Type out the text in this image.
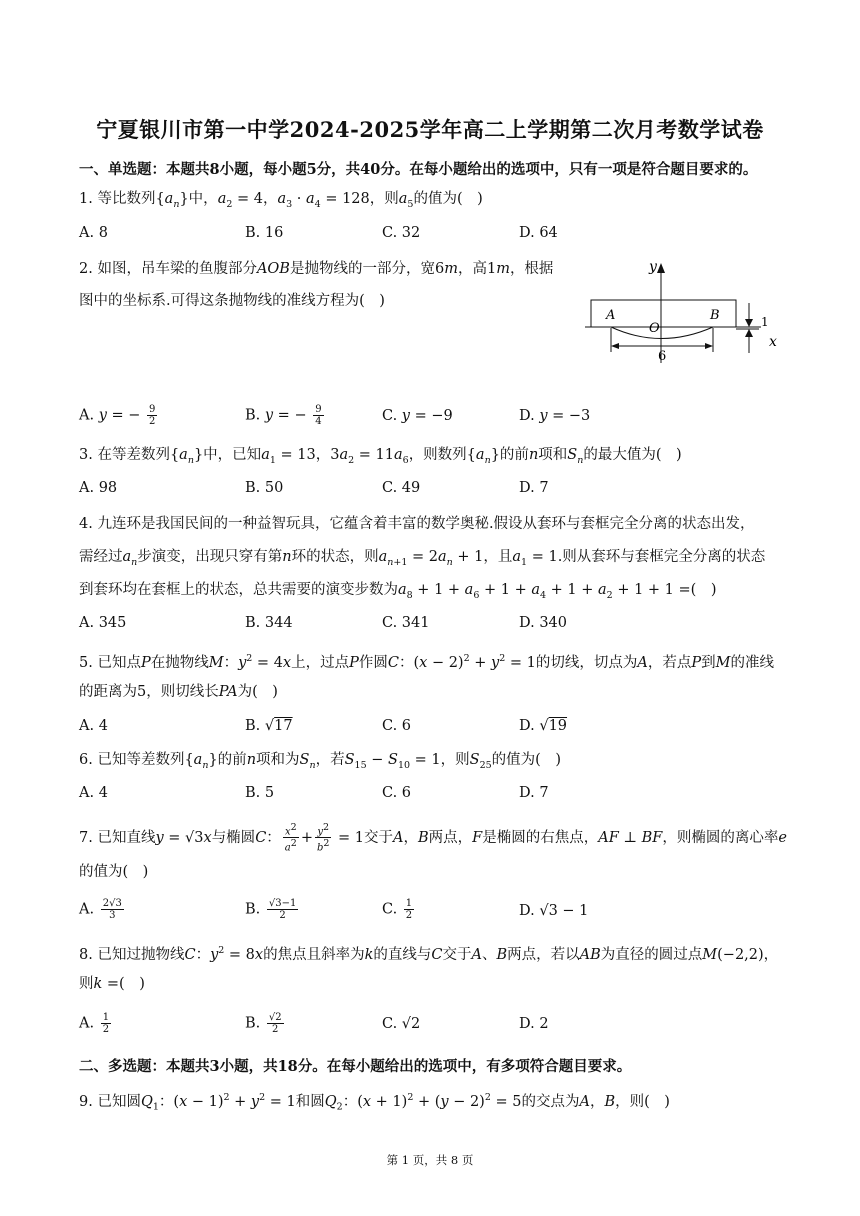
宁夏银川市第一中学2024-2025学年高二上学期第二次月考数学试卷
一、单选题：本题共8小题，每小题5分，共40分。在每小题给出的选项中，只有一项是符合题目要求的。
1. 等比数列$\{a_n\}$中，$a_2 = 4$，$a_3 \cdot a_4 = 128$，则$a_5$的值为(　)
A. 8	B. 16	C. 32	D. 64
2. 如图，吊车梁的鱼腹部分AOB是抛物线的一部分，宽6m，高1m，根据
图中的坐标系.可得这条抛物线的准线方程为(　)
y
x
A
O
B
6
1
A. y = − $\frac{9}{2}$	B. y = − $\frac{9}{4}$	C. y = −9	D. y = −3
3. 在等差数列$\{a_n\}$中，已知$a_1 = 13$，$3a_2 = 11a_6$，则数列$\{a_n\}$的前n项和$S_n$的最大值为(　)
A. 98	B. 50	C. 49	D. 7
4. 九连环是我国民间的一种益智玩具，它蕴含着丰富的数学奥秘.假设从套环与套框完全分离的状态出发，
需经过$a_n$步演变，出现只穿有第n环的状态，则$a_{n+1} = 2a_n + 1$，且$a_1 = 1$.则从套环与套框完全分离的状态
到套环均在套框上的状态，总共需要的演变步数为$a_8 + 1 + a_6 + 1 + a_4 + 1 + a_2 + 1 + 1$ =(　)
A. 345	B. 344	C. 341	D. 340
5. 已知点P在抛物线M：$y^2 = 4x$上，过点P作圆C：$(x - 2)^2 + y^2 = 1$的切线，切点为A，若点P到M的准线
的距离为5，则切线长PA为(　)
A. 4	B. √17	C. 6	D. √19
6. 已知等差数列$\{a_n\}$的前n项和为$S_n$，若$S_{15} - S_{10} = 1$，则$S_{25}$的值为(　)
A. 4	B. 5	C. 6	D. 7
7. 已知直线y = √3x与椭圆C： $\frac{x^2}{a^2} + \frac{y^2}{b^2} = 1$交于A，B两点，F是椭圆的右焦点，AF ⊥ BF，则椭圆的离心率e
的值为(　)
A. $\frac{2√3}{3}$	B. $\frac{√3-1}{2}$	C. $\frac{1}{2}$	D. √3 − 1
8. 已知过抛物线C：$y^2 = 8x$的焦点且斜率为k的直线与C交于A、B两点，若以AB为直径的圆过点M(−2,2)，
则k =(　)
A. $\frac{1}{2}$	B. $\frac{√2}{2}$	C. √2	D. 2
二、多选题：本题共3小题，共18分。在每小题给出的选项中，有多项符合题目要求。
9. 已知圆$Q_1$：$(x - 1)^2 + y^2 = 1$和圆$Q_2$：$(x + 1)^2 + (y - 2)^2 = 5$的交点为A，B，则(　)
第 1 页，共 8 页
